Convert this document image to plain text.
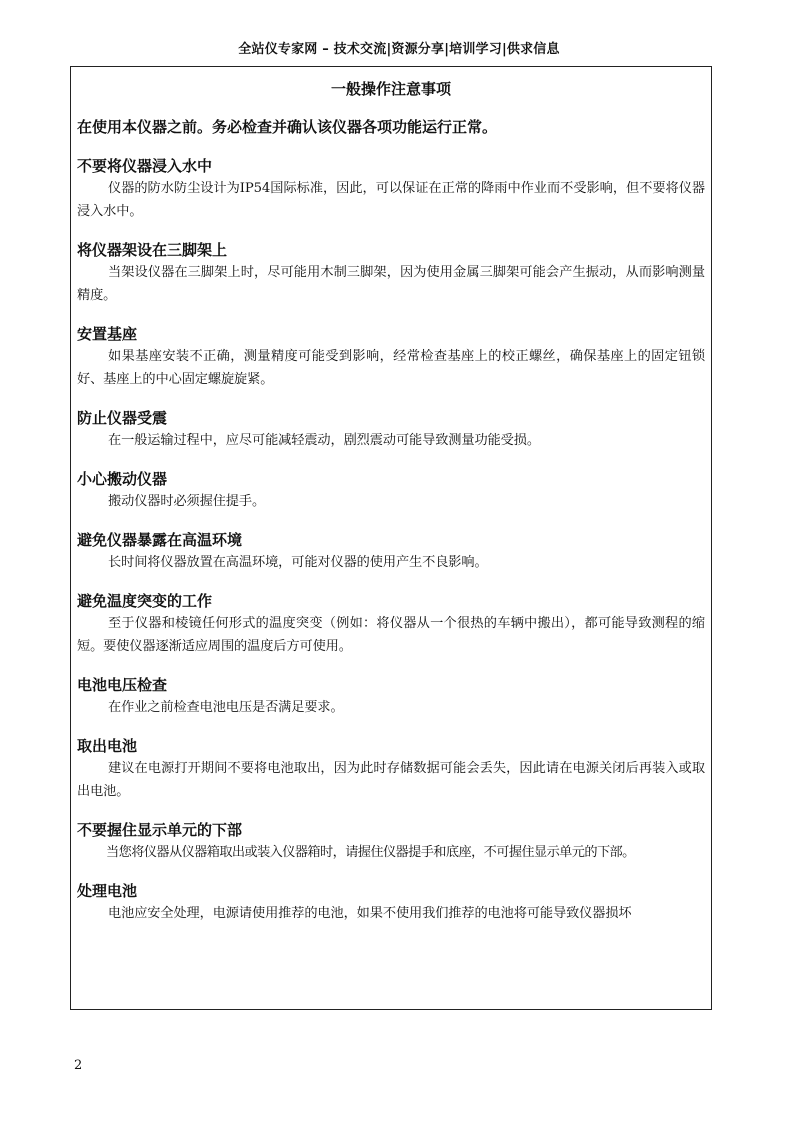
全站仪专家网 – 技术交流|资源分享|培训学习|供求信息
一般操作注意事项
在使用本仪器之前。务必检查并确认该仪器各项功能运行正常。
不要将仪器浸入水中
仪器的防水防尘设计为IP54国际标准，因此，可以保证在正常的降雨中作业而不受影响，但不要将仪器浸入水中。
将仪器架设在三脚架上
当架设仪器在三脚架上时，尽可能用木制三脚架，因为使用金属三脚架可能会产生振动，从而影响测量精度。
安置基座
如果基座安装不正确，测量精度可能受到影响，经常检查基座上的校正螺丝，确保基座上的固定钮锁好、基座上的中心固定螺旋旋紧。
防止仪器受震
在一般运输过程中，应尽可能减轻震动，剧烈震动可能导致测量功能受损。
小心搬动仪器
搬动仪器时必须握住提手。
避免仪器暴露在高温环境
长时间将仪器放置在高温环境，可能对仪器的使用产生不良影响。
避免温度突变的工作
至于仪器和棱镜任何形式的温度突变（例如：将仪器从一个很热的车辆中搬出），都可能导致测程的缩短。要使仪器逐渐适应周围的温度后方可使用。
电池电压检查
在作业之前检查电池电压是否满足要求。
取出电池
建议在电源打开期间不要将电池取出，因为此时存储数据可能会丢失，因此请在电源关闭后再装入或取出电池。
不要握住显示单元的下部
当您将仪器从仪器箱取出或装入仪器箱时，请握住仪器提手和底座，不可握住显示单元的下部。
处理电池
电池应安全处理，电源请使用推荐的电池，如果不使用我们推荐的电池将可能导致仪器损坏
2
